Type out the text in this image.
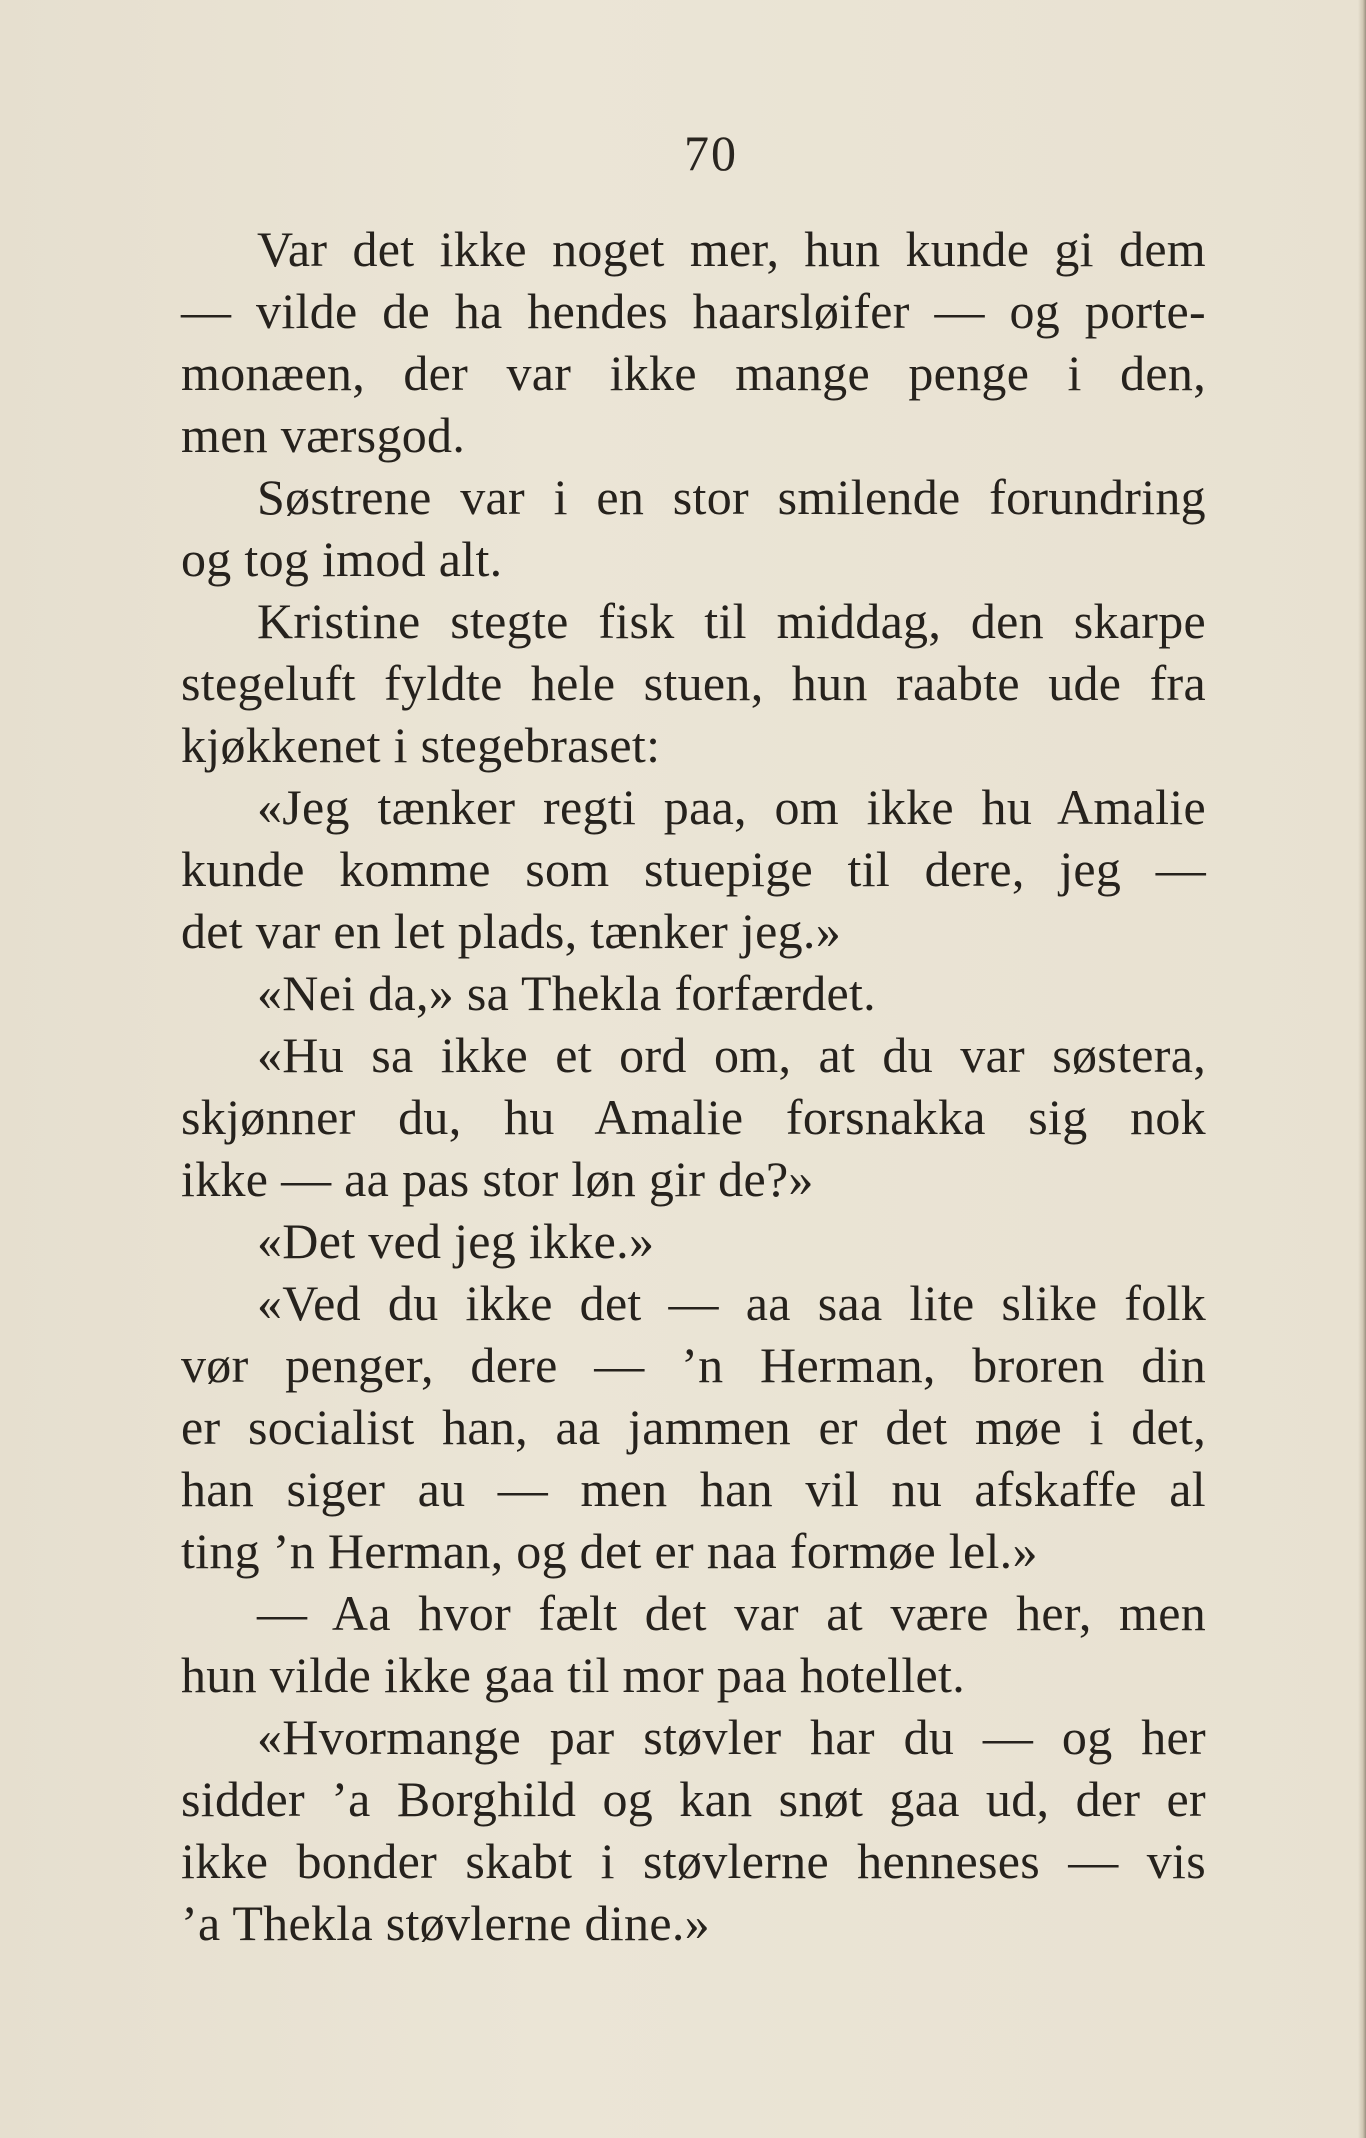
70
Var det ikke noget mer, hun kunde gi dem
— vilde de ha hendes haarsløifer — og porte-
monæen, der var ikke mange penge i den,
men værsgod.
Søstrene var i en stor smilende forundring
og tog imod alt.
Kristine stegte fisk til middag, den skarpe
stegeluft fyldte hele stuen, hun raabte ude fra
kjøkkenet i stegebraset:
«Jeg tænker regti paa, om ikke hu Amalie
kunde komme som stuepige til dere, jeg —
det var en let plads, tænker jeg.»
«Nei da,» sa Thekla forfærdet.
«Hu sa ikke et ord om, at du var søstera,
skjønner du, hu Amalie forsnakka sig nok
ikke — aa pas stor løn gir de?»
«Det ved jeg ikke.»
«Ved du ikke det — aa saa lite slike folk
vør penger, dere — ’n Herman, broren din
er socialist han, aa jammen er det møe i det,
han siger au — men han vil nu afskaffe al
ting ’n Herman, og det er naa formøe lel.»
— Aa hvor fælt det var at være her, men
hun vilde ikke gaa til mor paa hotellet.
«Hvormange par støvler har du — og her
sidder ’a Borghild og kan snøt gaa ud, der er
ikke bonder skabt i støvlerne henneses — vis
’a Thekla støvlerne dine.»
